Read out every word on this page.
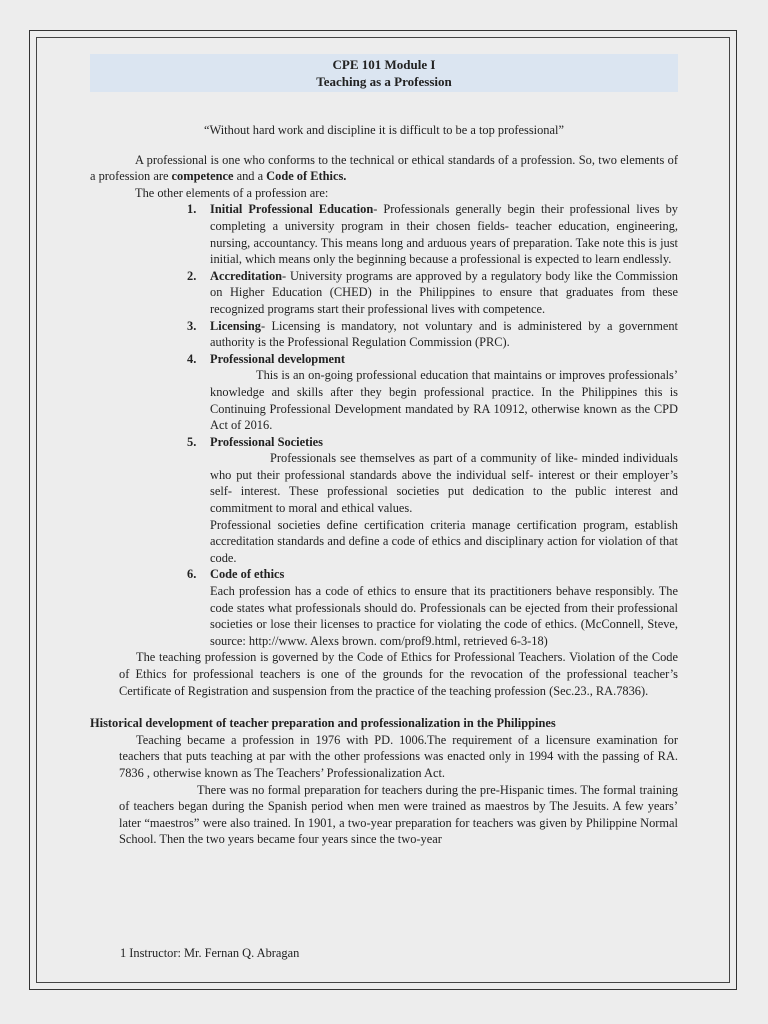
CPE 101 Module I
Teaching as a Profession

“Without hard work and discipline it is difficult to be a top professional”

A professional is one who conforms to the technical or ethical standards of a profession. So, two elements of a profession are competence and a Code of Ethics.

The other elements of a profession are:

1. Initial Professional Education- Professionals generally begin their professional lives by completing a university program in their chosen fields- teacher education, engineering, nursing, accountancy. This means long and arduous years of preparation. Take note this is just initial, which means only the beginning because a professional is expected to learn endlessly.
2. Accreditation- University programs are approved by a regulatory body like the Commission on Higher Education (CHED) in the Philippines to ensure that graduates from these recognized programs start their professional lives with competence.
3. Licensing- Licensing is mandatory, not voluntary and is administered by a government authority is the Professional Regulation Commission (PRC).
4. Professional development
This is an on-going professional education that maintains or improves professionals’ knowledge and skills after they begin professional practice. In the Philippines this is Continuing Professional Development mandated by RA 10912, otherwise known as the CPD Act of 2016.
5. Professional Societies
Professionals see themselves as part of a community of like- minded individuals who put their professional standards above the individual self- interest or their employer’s self- interest. These professional societies put dedication to the public interest and commitment to moral and ethical values.
Professional societies define certification criteria manage certification program, establish accreditation standards and define a code of ethics and disciplinary action for violation of that code.
6. Code of ethics
Each profession has a code of ethics to ensure that its practitioners behave responsibly. The code states what professionals should do. Professionals can be ejected from their professional societies or lose their licenses to practice for violating the code of ethics. (McConnell, Steve, source: http://www. Alexs brown. com/prof9.html, retrieved 6-3-18)

The teaching profession is governed by the Code of Ethics for Professional Teachers. Violation of the Code of Ethics for professional teachers is one of the grounds for the revocation of the professional teacher’s Certificate of Registration and suspension from the practice of the teaching profession (Sec.23., RA.7836).

Historical development of teacher preparation and professionalization in the Philippines

Teaching became a profession in 1976 with PD. 1006.The requirement of a licensure examination for teachers that puts teaching at par with the other professions was enacted only in 1994 with the passing of RA. 7836 , otherwise known as The Teachers’ Professionalization Act.

There was no formal preparation for teachers during the pre-Hispanic times. The formal training of teachers began during the Spanish period when men were trained as maestros by The Jesuits. A few years’ later “maestros” were also trained. In 1901, a two-year preparation for teachers was given by Philippine Normal School. Then the two years became four years since the two-year

1 Instructor: Mr. Fernan Q. Abragan
